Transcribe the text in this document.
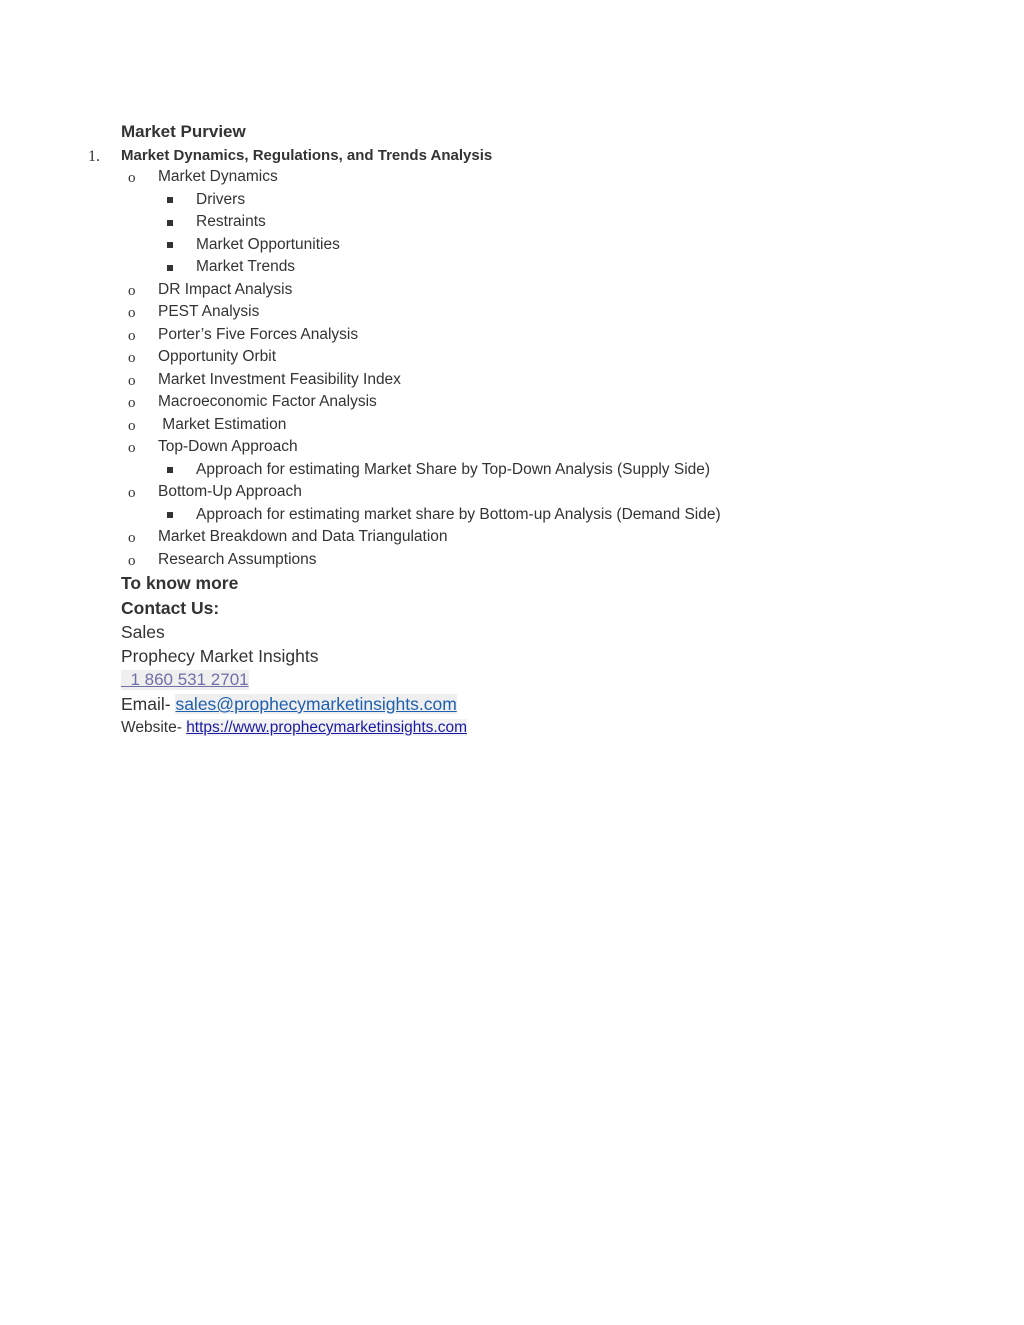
Market Purview
1. Market Dynamics, Regulations, and Trends Analysis
o Market Dynamics
Drivers
Restraints
Market Opportunities
Market Trends
o DR Impact Analysis
o PEST Analysis
o Porter’s Five Forces Analysis
o Opportunity Orbit
o Market Investment Feasibility Index
o Macroeconomic Factor Analysis
o Market Estimation
o Top-Down Approach
Approach for estimating Market Share by Top-Down Analysis (Supply Side)
o Bottom-Up Approach
Approach for estimating market share by Bottom-up Analysis (Demand Side)
o Market Breakdown and Data Triangulation
o Research Assumptions
To know more
Contact Us:
Sales
Prophecy Market Insights
1 860 531 2701
Email- sales@prophecymarketinsights.com
Website- https://www.prophecymarketinsights.com
